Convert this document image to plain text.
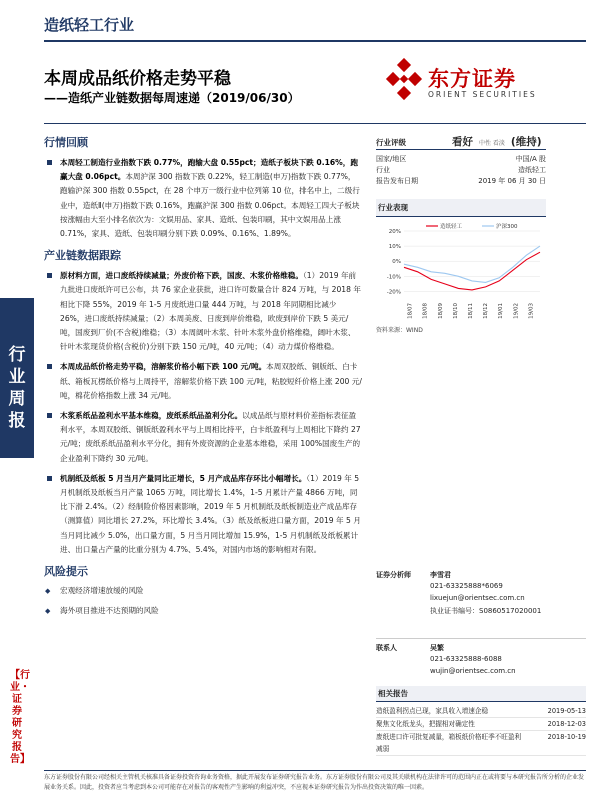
造纸轻工行业
本周成品纸价格走势平稳
——造纸产业链数据每周速递（2019/06/30）
东方证券
ORIENT SECURITIES
行业周报
【行业・证券研究报告】
行情回顾
本周轻工制造行业指数下跌 0.77%，跑输大盘 0.55pct；造纸子板块下跌 0.16%，跑赢大盘 0.06pct。本周沪深 300 指数下跌 0.22%，轻工制造(申万)指数下跌 0.77%，跑输沪深 300 指数 0.55pct，在 28 个申万一级行业中位列第 10 位，排名中上，二级行业中，造纸Ⅱ(申万)指数下跌 0.16%，跑赢沪深 300 指数 0.06pct。本周轻工四大子板块按涨幅由大至小排名依次为：文娱用品、家具、造纸、包装印刷，其中文娱用品上涨 0.71%，家具、造纸、包装印刷分别下跌 0.09%、0.16%、1.89%。
产业链数据跟踪
原材料方面，进口废纸持续减量；外废价格下跌，国废、木浆价格维稳。（1）2019 年前九批进口废纸许可已公布，共 76 家企业获批，进口许可数量合计 824 万吨，与 2018 年相比下降 55%，2019 年 1-5 月废纸进口量 444 万吨，与 2018 年同期相比减少 26%，进口废纸持续减量；（2）本周美废、日废到岸价维稳，欧废到岸价下跌 5 美元/吨，国废到厂价(不含税)维稳；（3）本周阔叶木浆、针叶木浆外盘价格维稳，阔叶木浆、针叶木浆现货价格(含税价)分别下跌 150 元/吨，40 元/吨；（4）动力煤价格维稳。
本周成品纸价格走势平稳，溶解浆价格小幅下跌 100 元/吨。本周双胶纸、铜版纸、白卡纸、箱板瓦楞纸价格与上周持平，溶解浆价格下跌 100 元/吨，粘胶短纤价格上涨 200 元/吨，棉花价格指数上涨 34 元/吨。
木浆系纸品盈利水平基本维稳，废纸系纸品盈利分化。以成品纸与原材料价差指标表征盈利水平，本周双胶纸、铜版纸盈利水平与上周相比持平，白卡纸盈利与上周相比下降约 27 元/吨；废纸系纸品盈利水平分化，拥有外废资源的企业基本维稳，采用 100%国废生产的企业盈利下降约 30 元/吨。
机制纸及纸板 5 月当月产量同比正增长，5 月产成品库存环比小幅增长。（1）2019 年 5 月机制纸及纸板当月产量 1065 万吨，同比增长 1.4%，1-5 月累计产量 4866 万吨，同比下滑 2.4%。（2）经制险价格因素影响，2019 年 5 月机制纸及纸板制造业产成品库存（测算值）同比增长 27.2%，环比增长 3.4%。（3）纸及纸板进口量方面，2019 年 5 月当月同比减少 5.0%，出口量方面，5 月当月同比增加 15.9%，1-5 月机制纸及纸板累计进、出口量占产量的比重分别为 4.7%、5.4%，对国内市场的影响相对有限。
风险提示
◆ 宏观经济增速放缓的风险
◆ 海外项目推进不达预期的风险
行业评级	看好 中性 看淡 (维持)
国家/地区	中国/A 股
行业	造纸轻工
报告发布日期	2019 年 06 月 30 日
行业表现
20%
10%
0%
-10%
-20%
18/07 18/08 18/09 18/10 18/11 18/12 19/01 19/02 19/03
造纸轻工	沪深300
资料来源：WIND
证券分析师	李雪君
021-63325888*6069
lixuejun@orientsec.com.cn
执业证书编号：S0860517020001
联系人	吴繁
021-63325888-6088
wujin@orientsec.com.cn
相关报告
造纸盈利拐点已现，家具收入增速企稳	2019-05-13
聚焦文化纸龙头，把握相对确定性	2018-12-03
废纸进口许可批复减量，箱板纸价格旺季不旺盈利减弱
2018-10-19
东方证券股份有限公司经相关主管机关核准具备证券投资咨询业务资格，据此开展发布证券研究报告业务。东方证券股份有限公司及其关联机构在法律许可的范围内正在或将要与本研究报告所分析的企业发展业务关系。因此，投资者应当考虑到本公司可能存在对报告的客观性产生影响的利益冲突，不应视本证券研究报告为作出投资决策的唯一因素。
